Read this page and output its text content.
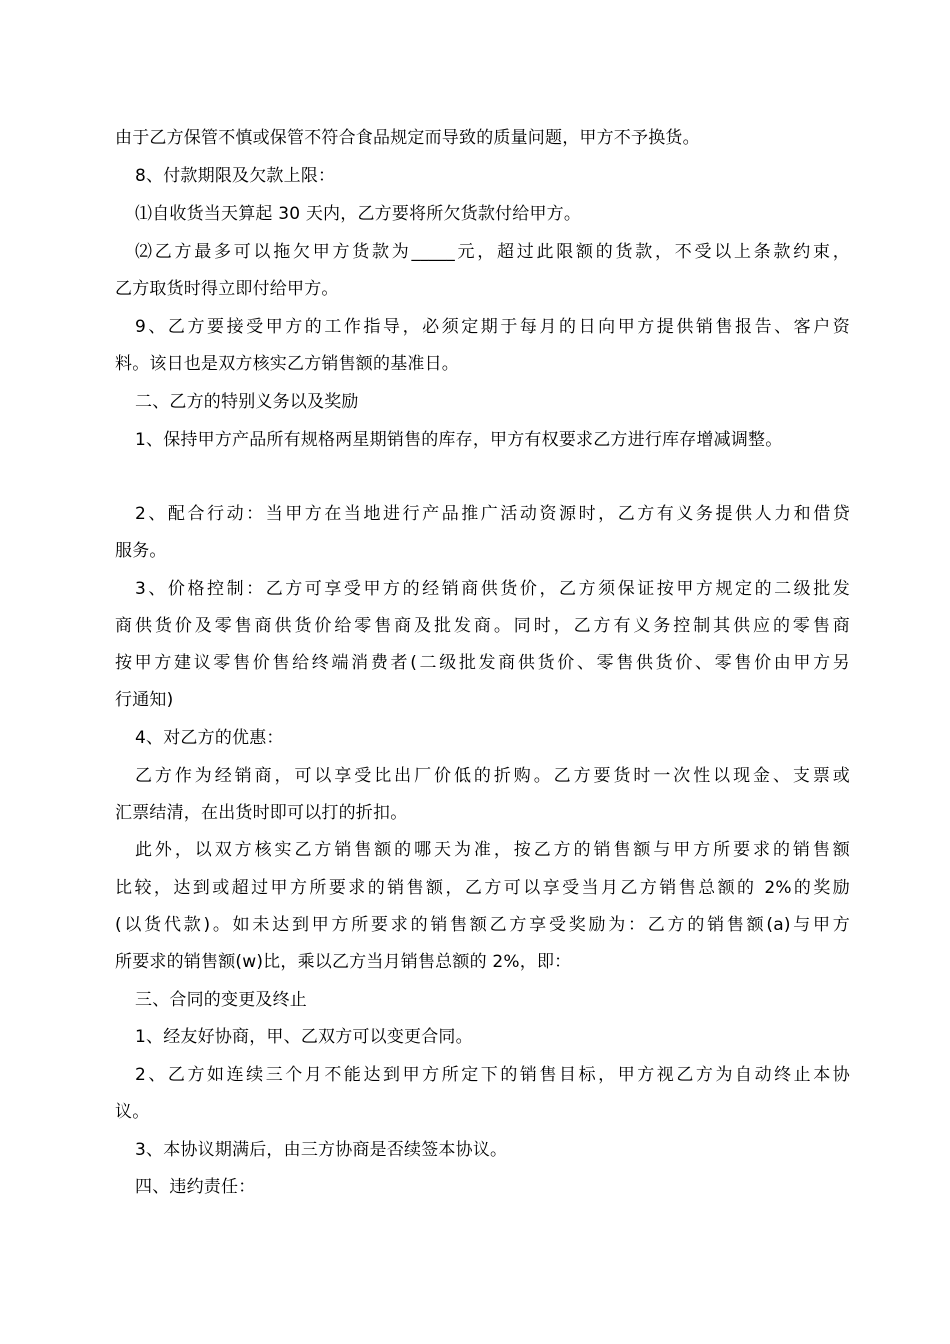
由于乙方保管不慎或保管不符合食品规定而导致的质量问题，甲方不予换货。
8、付款期限及欠款上限：
⑴自收货当天算起 30 天内，乙方要将所欠货款付给甲方。
⑵乙方最多可以拖欠甲方货款为_____元，超过此限额的货款，不受以上条款约束，
乙方取货时得立即付给甲方。
9、乙方要接受甲方的工作指导，必须定期于每月的日向甲方提供销售报告、客户资
料。该日也是双方核实乙方销售额的基准日。
二、乙方的特别义务以及奖励
1、保持甲方产品所有规格两星期销售的库存，甲方有权要求乙方进行库存增减调整。
2、配合行动：当甲方在当地进行产品推广活动资源时，乙方有义务提供人力和借贷
服务。
3、价格控制：乙方可享受甲方的经销商供货价，乙方须保证按甲方规定的二级批发
商供货价及零售商供货价给零售商及批发商。同时，乙方有义务控制其供应的零售商
按甲方建议零售价售给终端消费者(二级批发商供货价、零售供货价、零售价由甲方另
行通知)
4、对乙方的优惠：
乙方作为经销商，可以享受比出厂价低的折购。乙方要货时一次性以现金、支票或
汇票结清，在出货时即可以打的折扣。
此外，以双方核实乙方销售额的哪天为准，按乙方的销售额与甲方所要求的销售额
比较，达到或超过甲方所要求的销售额，乙方可以享受当月乙方销售总额的 2%的奖励
(以货代款)。如未达到甲方所要求的销售额乙方享受奖励为：乙方的销售额(a)与甲方
所要求的销售额(w)比，乘以乙方当月销售总额的 2%，即：
三、合同的变更及终止
1、经友好协商，甲、乙双方可以变更合同。
2、乙方如连续三个月不能达到甲方所定下的销售目标，甲方视乙方为自动终止本协
议。
3、本协议期满后，由三方协商是否续签本协议。
四、违约责任：
